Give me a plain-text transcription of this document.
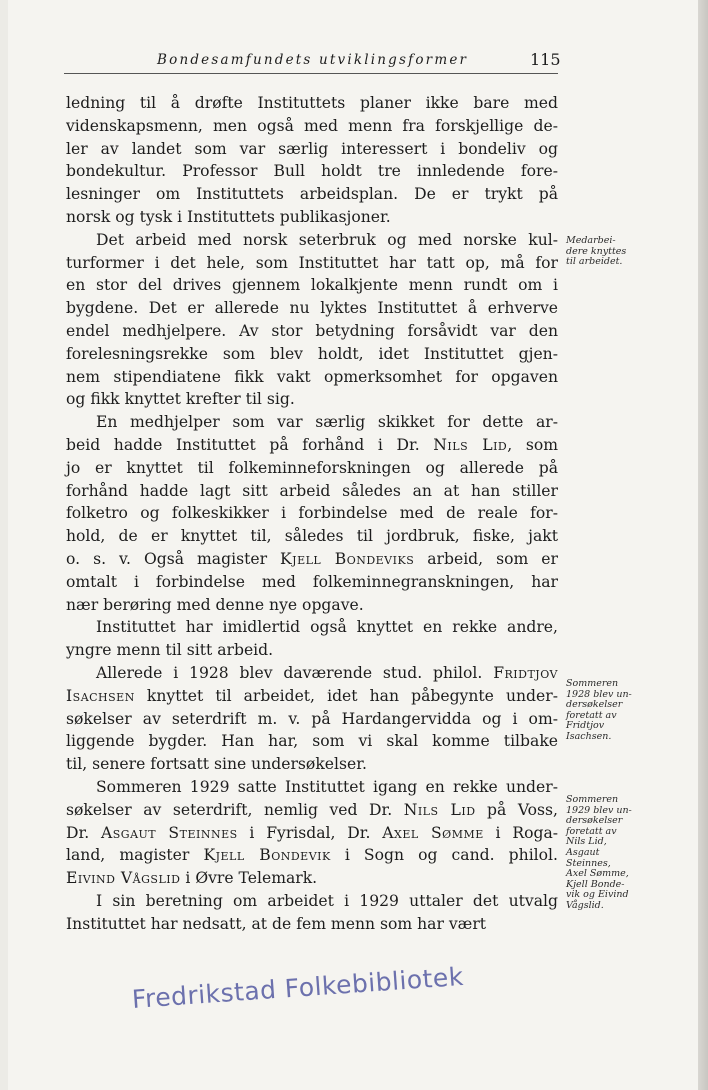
Bondesamfundets utviklingsformer	115
ledning til å drøfte Instituttets planer ikke bare med
videnskapsmenn, men også med menn fra forskjellige de-
ler av landet som var særlig interessert i bondeliv og
bondekultur. Professor Bull holdt tre innledende fore-
lesninger om Instituttets arbeidsplan. De er trykt på
norsk og tysk i Instituttets publikasjoner.
Det arbeid med norsk seterbruk og med norske kul-
turformer i det hele, som Instituttet har tatt op, må for
en stor del drives gjennem lokalkjente menn rundt om i
bygdene. Det er allerede nu lyktes Instituttet å erhverve
endel medhjelpere. Av stor betydning forsåvidt var den
forelesningsrekke som blev holdt, idet Instituttet gjen-
nem stipendiatene fikk vakt opmerksomhet for opgaven
og fikk knyttet krefter til sig.
En medhjelper som var særlig skikket for dette ar-
beid hadde Instituttet på forhånd i Dr. Nils Lid, som
jo er knyttet til folkeminneforskningen og allerede på
forhånd hadde lagt sitt arbeid således an at han stiller
folketro og folkeskikker i forbindelse med de reale for-
hold, de er knyttet til, således til jordbruk, fiske, jakt
o. s. v. Også magister Kjell Bondeviks arbeid, som er
omtalt i forbindelse med folkeminnegranskningen, har
nær berøring med denne nye opgave.
Instituttet har imidlertid også knyttet en rekke andre,
yngre menn til sitt arbeid.
Allerede i 1928 blev daværende stud. philol. Fridtjov
Isachsen knyttet til arbeidet, idet han påbegynte under-
søkelser av seterdrift m. v. på Hardangervidda og i om-
liggende bygder. Han har, som vi skal komme tilbake
til, senere fortsatt sine undersøkelser.
Sommeren 1929 satte Instituttet igang en rekke under-
søkelser av seterdrift, nemlig ved Dr. Nils Lid på Voss,
Dr. Asgaut Steinnes i Fyrisdal, Dr. Axel Sømme i Roga-
land, magister Kjell Bondevik i Sogn og cand. philol.
Eivind Vågslid i Øvre Telemark.
I sin beretning om arbeidet i 1929 uttaler det utvalg
Instituttet har nedsatt, at de fem menn som har vært
Medarbei-
dere knyttes
til arbeidet.
Sommeren
1928 blev un-
dersøkelser
foretatt av
Fridtjov
Isachsen.
Sommeren
1929 blev un-
dersøkelser
foretatt av
Nils Lid,
Asgaut
Steinnes,
Axel Sømme,
Kjell Bonde-
vik og Eivind
Vågslid.
Fredrikstad Folkebibliotek
